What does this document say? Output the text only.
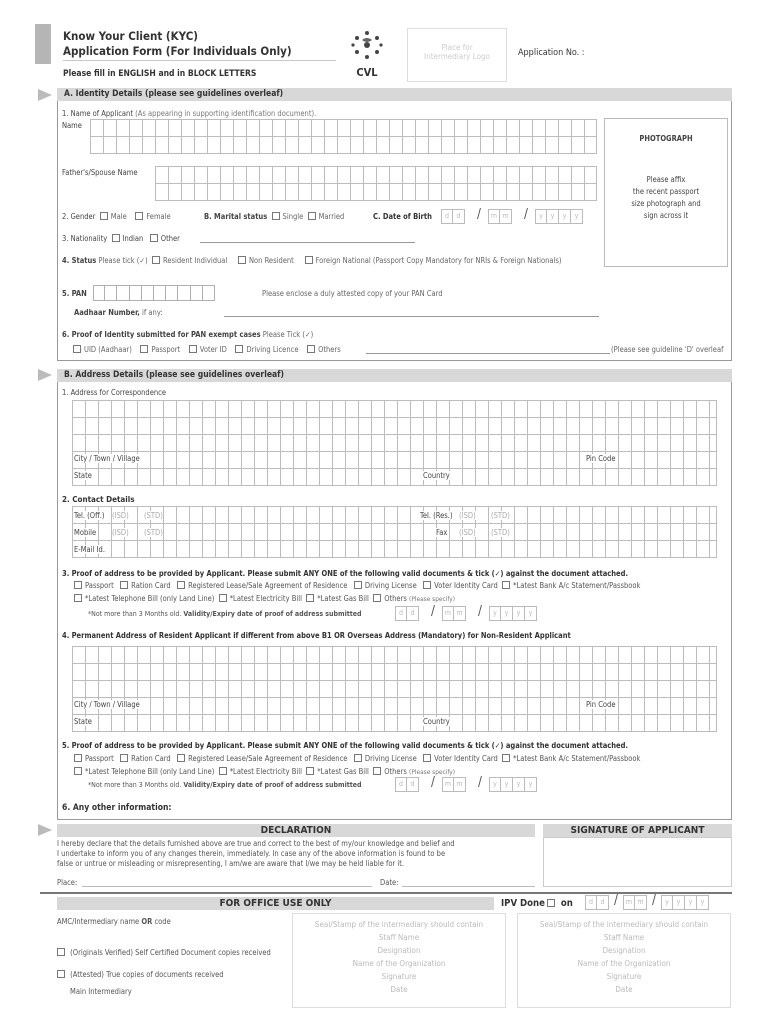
Know Your Client (KYC)
Application Form (For Individuals Only)
Please fill in ENGLISH and in BLOCK LETTERS	CVL
Place for
Intermediary Logo	Application No. :
A. Identity Details (please see guidelines overleaf)
1. Name of Applicant (As appearing in supporting identification document).
Name
Father's/Spouse Name
PHOTOGRAPH
Please affix
the recent passport
size photograph and
sign across it
2. Gender Male	Female	B. Marital status Single Married	C. Date of Birth	d	d	/	m m /	y	y	y	y
3. Nationality Indian Other
4. Status Please tick (✓) Resident Individual	Non Resident	Foreign National (Passport Copy Mandatory for NRIs & Foreign Nationals)
5. PAN	Please enclose a duly attested copy of your PAN Card
Aadhaar Number, if any:
6. Proof of Identity submitted for PAN exempt cases Please Tick (✓)
UID (Aadhaar)	Passport	Voter ID	Driving Licence	Others	(Please see guideline 'D' overleaf
B. Address Details (please see guidelines overleaf)
1. Address for Correspondence
City / Town / Village	Pin Code
State	Country
2. Contact Details
Tel. (Off.) (ISD) (STD)	Tel. (Res.) (ISD) (STD)
Mobile (ISD) (STD)	Fax (ISD) (STD)
E-Mail Id.
3. Proof of address to be provided by Applicant. Please submit ANY ONE of the following valid documents & tick (✓) against the document attached.
Passport Ration Card Registered Lease/Sale Agreement of Residence Driving License Voter Identity Card *Latest Bank A/c Statement/Passbook
*Latest Telephone Bill (only Land Line) *Latest Electricity Bill *Latest Gas Bill Others (Please specify)
*Not more than 3 Months old. Validity/Expiry date of proof of address submitted	d	d	/	m m /	y	y	y	y
4. Permanent Address of Resident Applicant if different from above B1 OR Overseas Address (Mandatory) for Non-Resident Applicant
City / Town / Village	Pin Code
State	Country
5. Proof of address to be provided by Applicant. Please submit ANY ONE of the following valid documents & tick (✓) against the document attached.
Passport Ration Card Registered Lease/Sale Agreement of Residence Driving License Voter Identity Card *Latest Bank A/c Statement/Passbook
*Latest Telephone Bill (only Land Line) *Latest Electricity Bill *Latest Gas Bill Others (Please specify)
*Not more than 3 Months old. Validity/Expiry date of proof of address submitted	d	d	/	m m /	y	y	y	y
6. Any other information:
DECLARATION	SIGNATURE OF APPLICANT
I hereby declare that the details furnished above are true and correct to the best of my/our knowledge and belief and
I undertake to inform you of any changes therein, immediately. In case any of the above information is found to be
false or untrue or misleading or misrepresenting, I am/we are aware that I/we may be held liable for it.
Place:	Date:
FOR OFFICE USE ONLY	IPV Done on	d	d /	m m /	y	y	y	y
AMC/Intermediary name OR code
(Originals Verified) Self Certified Document copies received
(Attested) True copies of documents received
Main Intermediary
Seal/Stamp of the intermediary should contain
Staff Name
Designation
Name of the Organization
Signature
Date
Seal/Stamp of the intermediary should contain
Staff Name
Designation
Name of the Organization
Signature
Date
